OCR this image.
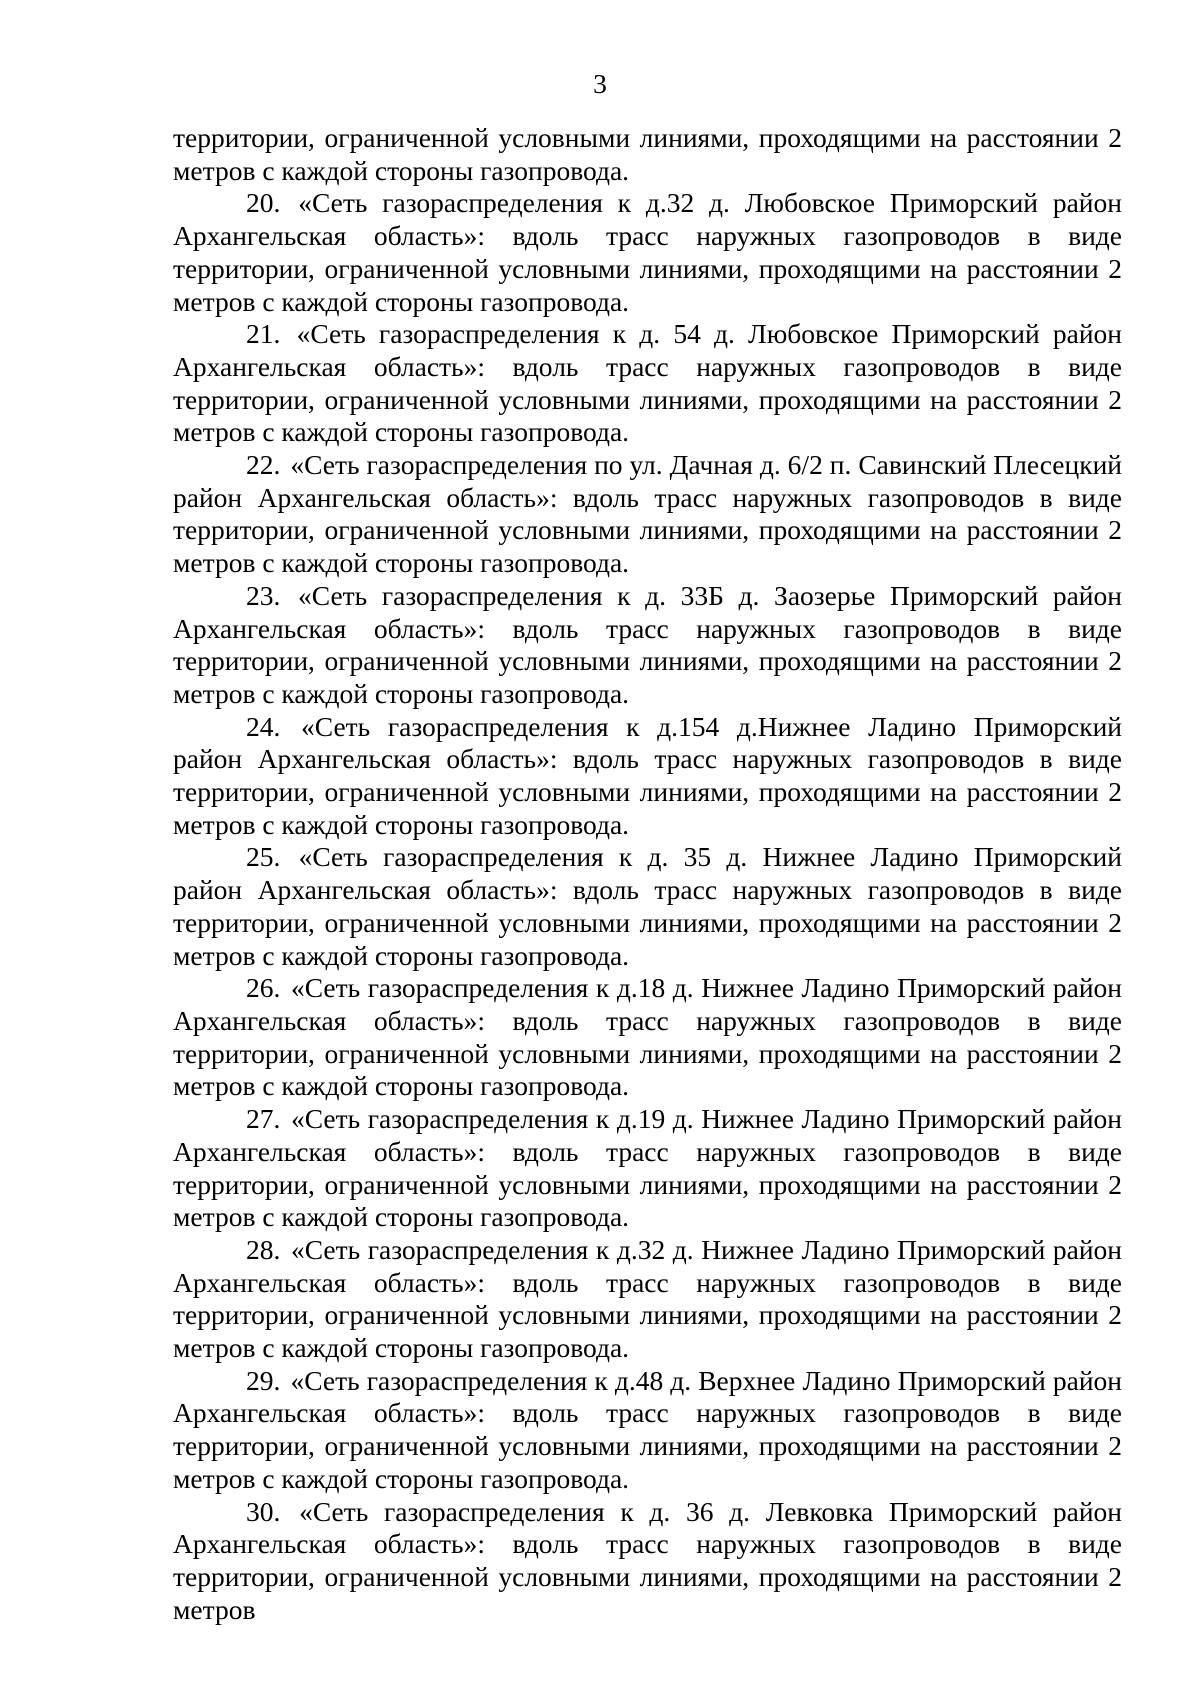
3

территории, ограниченной условными линиями, проходящими на расстоянии 2 метров с каждой стороны газопровода.

20. «Сеть газораспределения к д.32 д. Любовское Приморский район Архангельская область»: вдоль трасс наружных газопроводов в виде территории, ограниченной условными линиями, проходящими на расстоянии 2 метров с каждой стороны газопровода.

21. «Сеть газораспределения к д. 54 д. Любовское Приморский район Архангельская область»: вдоль трасс наружных газопроводов в виде территории, ограниченной условными линиями, проходящими на расстоянии 2 метров с каждой стороны газопровода.

22. «Сеть газораспределения по ул. Дачная д. 6/2 п. Савинский Плесецкий район Архангельская область»: вдоль трасс наружных газопроводов в виде территории, ограниченной условными линиями, проходящими на расстоянии 2 метров с каждой стороны газопровода.

23. «Сеть газораспределения к д. 33Б д. Заозерье Приморский район Архангельская область»: вдоль трасс наружных газопроводов в виде территории, ограниченной условными линиями, проходящими на расстоянии 2 метров с каждой стороны газопровода.

24. «Сеть газораспределения к д.154 д.Нижнее Ладино Приморский район Архангельская область»: вдоль трасс наружных газопроводов в виде территории, ограниченной условными линиями, проходящими на расстоянии 2 метров с каждой стороны газопровода.

25. «Сеть газораспределения к д. 35 д. Нижнее Ладино Приморский район Архангельская область»: вдоль трасс наружных газопроводов в виде территории, ограниченной условными линиями, проходящими на расстоянии 2 метров с каждой стороны газопровода.

26. «Сеть газораспределения к д.18 д. Нижнее Ладино Приморский район Архангельская область»: вдоль трасс наружных газопроводов в виде территории, ограниченной условными линиями, проходящими на расстоянии 2 метров с каждой стороны газопровода.

27. «Сеть газораспределения к д.19 д. Нижнее Ладино Приморский район Архангельская область»: вдоль трасс наружных газопроводов в виде территории, ограниченной условными линиями, проходящими на расстоянии 2 метров с каждой стороны газопровода.

28. «Сеть газораспределения к д.32 д. Нижнее Ладино Приморский район Архангельская область»: вдоль трасс наружных газопроводов в виде территории, ограниченной условными линиями, проходящими на расстоянии 2 метров с каждой стороны газопровода.

29. «Сеть газораспределения к д.48 д. Верхнее Ладино Приморский район Архангельская область»: вдоль трасс наружных газопроводов в виде территории, ограниченной условными линиями, проходящими на расстоянии 2 метров с каждой стороны газопровода.

30. «Сеть газораспределения к д. 36 д. Левковка Приморский район Архангельская область»: вдоль трасс наружных газопроводов в виде территории, ограниченной условными линиями, проходящими на расстоянии 2 метров
